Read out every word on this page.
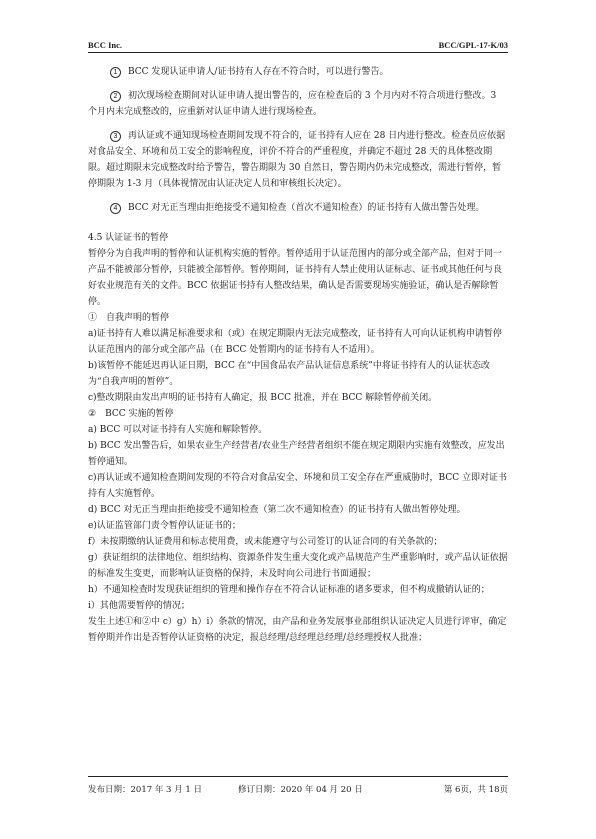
BCC Inc.	BCC/GPL-17-K/03

1 BCC 发现认证申请人/证书持有人存在不符合时，可以进行警告。

2 初次现场检查期间对认证申请人提出警告的，应在检查后的 3 个月内对不符合项进行整改。3 个月内未完成整改的，应重新对认证申请人进行现场检查。

3 再认证或不通知现场检查期间发现不符合的，证书持有人应在 28 日内进行整改。检查员应依据对食品安全、环境和员工安全的影响程度，评价不符合的严重程度，并确定不超过 28 天的具体整改期限。超过期限未完成整改时给予警告，警告期限为 30 自然日，警告期内仍未完成整改，需进行暂停，暂停期限为 1-3 月（具体视情况由认证决定人员和审核组长决定）。

4 BCC 对无正当理由拒绝接受不通知检查（首次不通知检查）的证书持有人做出警告处理。

4.5 认证证书的暂停

暂停分为自我声明的暂停和认证机构实施的暂停。暂停适用于认证范围内的部分或全部产品，但对于同一产品不能被部分暂停，只能被全部暂停。暂停期间，证书持有人禁止使用认证标志、证书或其他任何与良好农业规范有关的文件。BCC 依据证书持有人整改结果，确认是否需要现场实施验证，确认是否解除暂停。

①　自我声明的暂停

a)证书持有人难以满足标准要求和（或）在规定期限内无法完成整改，证书持有人可向认证机构申请暂停认证范围内的部分或全部产品（在 BCC 处暂期内的证书持有人不适用）。

b)该暂停不能延迟再认证日期，BCC 在“中国食品农产品认证信息系统”中将证书持有人的认证状态改为“自我声明的暂停”。

c)整改期限由发出声明的证书持有人确定，报 BCC 批准，并在 BCC 解除暂停前关闭。

②　BCC 实施的暂停

a) BCC 可以对证书持有人实施和解除暂停。

b) BCC 发出警告后，如果农业生产经营者/农业生产经营者组织不能在规定期限内实施有效整改，应发出暂停通知。

c)再认证或不通知检查期间发现的不符合对食品安全、环境和员工安全存在严重威胁时，BCC 立即对证书持有人实施暂停。

d) BCC 对无正当理由拒绝接受不通知检查（第二次不通知检查）的证书持有人做出暂停处理。

e)认证监管部门责令暂停认证证书的；

f）未按期缴纳认证费用和标志使用费，或未能遵守与公司签订的认证合同的有关条款的；

g）获证组织的法律地位、组织结构、资源条件发生重大变化或产品规范产生严重影响时，或产品认证依据的标准发生变更，而影响认证资格的保持，未及时向公司进行书面通报；

h）不通知检查时发现获证组织的管理和操作存在不符合认证标准的诸多要求，但不构成撤销认证的；

i）其他需要暂停的情况；

发生上述①和②中 c）g）h）i）条款的情况，由产品和业务发展事业部组织认证决定人员进行评审，确定暂停期并作出是否暂停认证资格的决定，报总经理/总经理总经理/总经理授权人批准；

发布日期：2017 年 3 月 1 日	修订日期：2020 年 04 月 20 日	第 6页，共 18页
